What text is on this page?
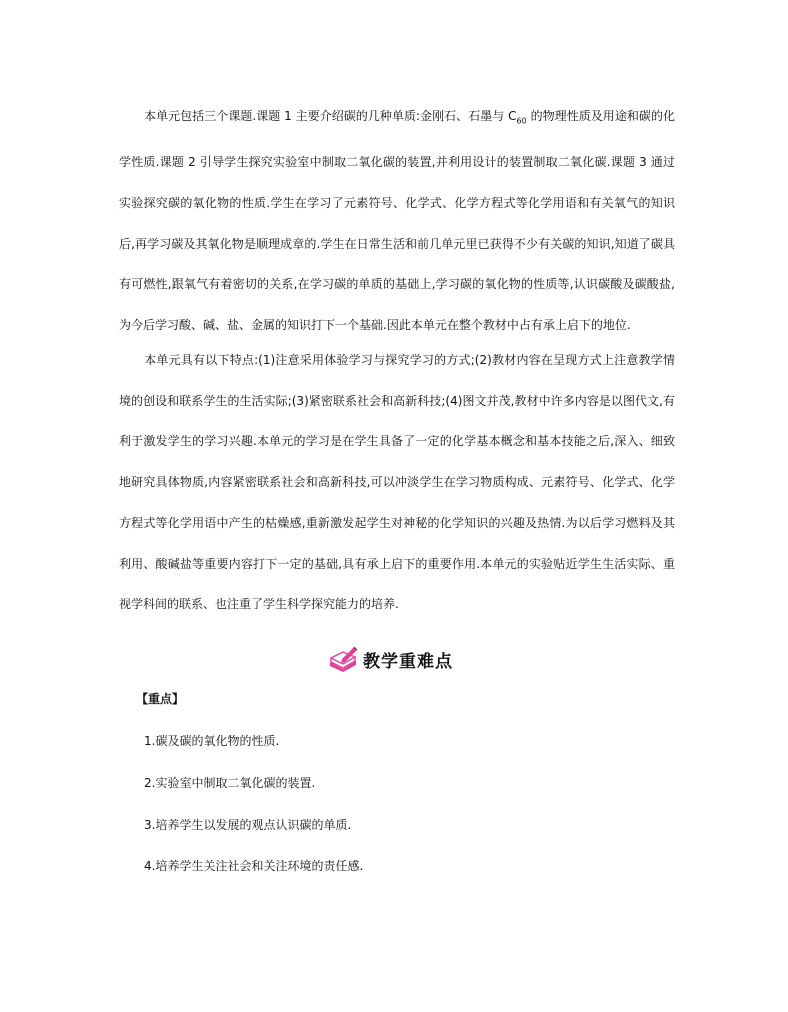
本单元包括三个课题.课题 1 主要介绍碳的几种单质:金刚石、石墨与 $C_{60}$ 的物理性质及用途和碳的化学性质.课题 2 引导学生探究实验室中制取二氧化碳的装置,并利用设计的装置制取二氧化碳.课题 3 通过实验探究碳的氧化物的性质.学生在学习了元素符号、化学式、化学方程式等化学用语和有关氧气的知识后,再学习碳及其氧化物是顺理成章的.学生在日常生活和前几单元里已获得不少有关碳的知识,知道了碳具有可燃性,跟氧气有着密切的关系,在学习碳的单质的基础上,学习碳的氧化物的性质等,认识碳酸及碳酸盐,为今后学习酸、碱、盐、金属的知识打下一个基础.因此本单元在整个教材中占有承上启下的地位.

本单元具有以下特点:(1)注意采用体验学习与探究学习的方式;(2)教材内容在呈现方式上注意教学情境的创设和联系学生的生活实际;(3)紧密联系社会和高新科技;(4)图文并茂,教材中许多内容是以图代文,有利于激发学生的学习兴趣.本单元的学习是在学生具备了一定的化学基本概念和基本技能之后,深入、细致地研究具体物质,内容紧密联系社会和高新科技,可以冲淡学生在学习物质构成、元素符号、化学式、化学方程式等化学用语中产生的枯燥感,重新激发起学生对神秘的化学知识的兴趣及热情.为以后学习燃料及其利用、酸碱盐等重要内容打下一定的基础,具有承上启下的重要作用.本单元的实验贴近学生生活实际、重视学科间的联系、也注重了学生科学探究能力的培养.

教学重难点
【重点】
1.碳及碳的氧化物的性质.
2.实验室中制取二氧化碳的装置.
3.培养学生以发展的观点认识碳的单质.
4.培养学生关注社会和关注环境的责任感.
